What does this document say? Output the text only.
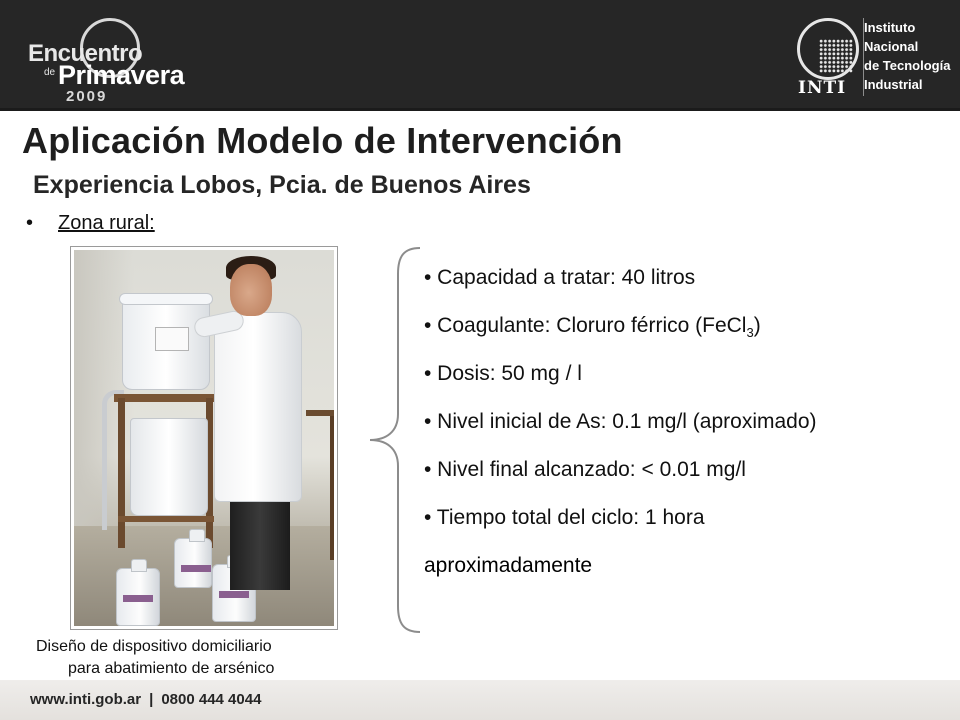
Encuentro
de Primavera
2009	INTI
Instituto
Nacional
de Tecnología
Industrial
Aplicación Modelo de Intervención
Experiencia Lobos, Pcia. de Buenos Aires
• Zona rural:
Diseño de dispositivo domiciliario
para abatimiento de arsénico
• Capacidad a tratar: 40 litros
• Coagulante: Cloruro férrico (FeCl$_3$)
• Dosis: 50 mg / l
• Nivel inicial de As: 0.1 mg/l (aproximado)
• Nivel final alcanzado: < 0.01 mg/l
• Tiempo total del ciclo: 1 hora
aproximadamente
www.inti.gob.ar | 0800 444 4044
